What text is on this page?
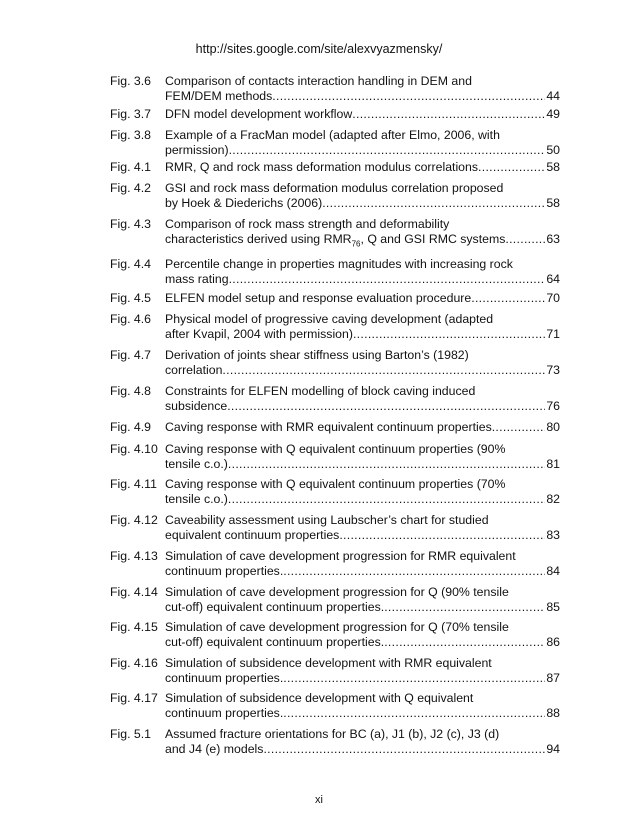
http://sites.google.com/site/alexvyazmensky/
Fig. 3.6	Comparison of contacts interaction handling in DEM and
FEM/DEM methods .....	44
Fig. 3.7	DFN model development workflow .....	49
Fig. 3.8	Example of a FracMan model (adapted after Elmo, 2006, with
permission) .....	50
Fig. 4.1	RMR, Q and rock mass deformation modulus correlations .....	58
Fig. 4.2	GSI and rock mass deformation modulus correlation proposed
by Hoek & Diederichs (2006) .....	58
Fig. 4.3	Comparison of rock mass strength and deformability
characteristics derived using $RMR_{76}$, Q and GSI RMC systems .....	63
Fig. 4.4	Percentile change in properties magnitudes with increasing rock
mass rating .....	64
Fig. 4.5	ELFEN model setup and response evaluation procedure .....	70
Fig. 4.6	Physical model of progressive caving development (adapted
after Kvapil, 2004 with permission) .....	71
Fig. 4.7	Derivation of joints shear stiffness using Barton’s (1982)
correlation .....	73
Fig. 4.8	Constraints for ELFEN modelling of block caving induced
subsidence .....	76
Fig. 4.9	Caving response with RMR equivalent continuum properties .....	80
Fig. 4.10 Caving response with Q equivalent continuum properties (90%
tensile c.o.) .....	81
Fig. 4.11 Caving response with Q equivalent continuum properties (70%
tensile c.o.) .....	82
Fig. 4.12 Caveability assessment using Laubscher’s chart for studied
equivalent continuum properties .....	83
Fig. 4.13 Simulation of cave development progression for RMR equivalent
continuum properties. .....	84
Fig. 4.14 Simulation of cave development progression for Q (90% tensile
cut-off) equivalent continuum properties. .....	85
Fig. 4.15 Simulation of cave development progression for Q (70% tensile
cut-off) equivalent continuum properties. .....	86
Fig. 4.16 Simulation of subsidence development with RMR equivalent
continuum properties. .....	87
Fig. 4.17 Simulation of subsidence development with Q equivalent
continuum properties. .....	88
Fig. 5.1	Assumed fracture orientations for BC (a), J1 (b), J2 (c), J3 (d)
and J4 (e) models .....	94
xi
